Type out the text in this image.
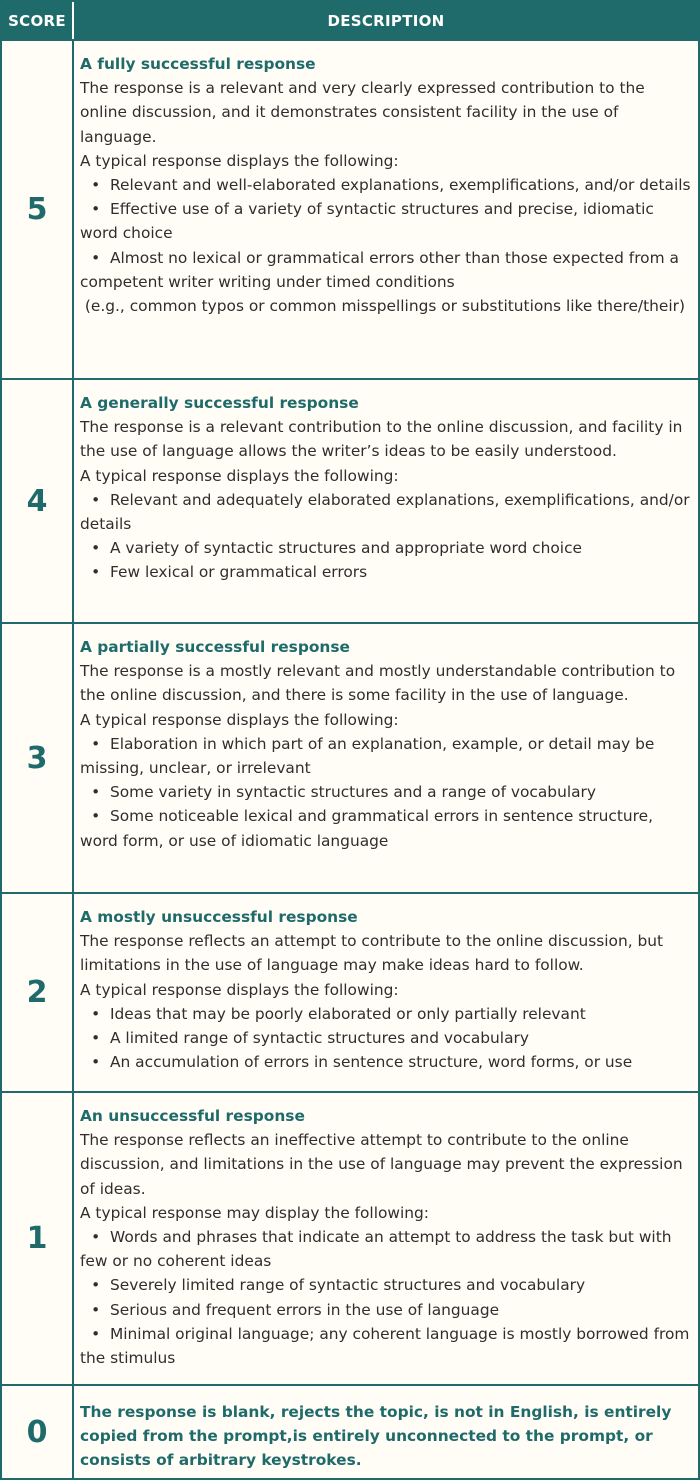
SCORE	DESCRIPTION
5
A fully successful response
The response is a relevant and very clearly expressed contribution to the online discussion, and it demonstrates consistent facility in the use of language.
A typical response displays the following:
•  Relevant and well-elaborated explanations, exemplifications, and/or details
•  Effective use of a variety of syntactic structures and precise, idiomatic word choice
•  Almost no lexical or grammatical errors other than those expected from a competent writer writing under timed conditions
(e.g., common typos or common misspellings or substitutions like there/their)
4
A generally successful response
The response is a relevant contribution to the online discussion, and facility in the use of language allows the writer’s ideas to be easily understood.
A typical response displays the following:
•  Relevant and adequately elaborated explanations, exemplifications, and/or details
•  A variety of syntactic structures and appropriate word choice
•  Few lexical or grammatical errors
3
A partially successful response
The response is a mostly relevant and mostly understandable contribution to the online discussion, and there is some facility in the use of language.
A typical response displays the following:
•  Elaboration in which part of an explanation, example, or detail may be missing, unclear, or irrelevant
•  Some variety in syntactic structures and a range of vocabulary
•  Some noticeable lexical and grammatical errors in sentence structure, word form, or use of idiomatic language
2
A mostly unsuccessful response
The response reflects an attempt to contribute to the online discussion, but limitations in the use of language may make ideas hard to follow.
A typical response displays the following:
•  Ideas that may be poorly elaborated or only partially relevant
•  A limited range of syntactic structures and vocabulary
•  An accumulation of errors in sentence structure, word forms, or use
1
An unsuccessful response
The response reflects an ineffective attempt to contribute to the online discussion, and limitations in the use of language may prevent the expression of ideas.
A typical response may display the following:
•  Words and phrases that indicate an attempt to address the task but with few or no coherent ideas
•  Severely limited range of syntactic structures and vocabulary
•  Serious and frequent errors in the use of language
•  Minimal original language; any coherent language is mostly borrowed from the stimulus
0
The response is blank, rejects the topic, is not in English, is entirely copied from the prompt,is entirely unconnected to the prompt, or consists of arbitrary keystrokes.
